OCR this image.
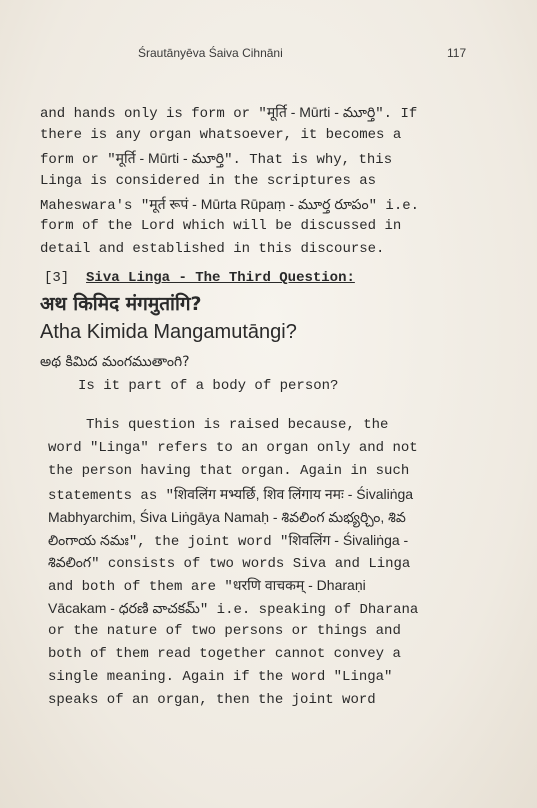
Śrautānyēva Śaiva Cihnāni	117
and hands only is form or "मूर्ति - Mūrti - మూర్తి". If
there is any organ whatsoever, it becomes a
form or "मूर्ति - Mūrti - మూర్తి". That is why, this
Linga is considered in the scriptures as
Maheswara's "मूर्त रूपं - Mūrta Rūpaṃ - మూర్త రూపం" i.e.
form of the Lord which will be discussed in
detail and established in this discourse.
[3] Siva Linga - The Third Question:
अथ किमिद मंगमुतांगि?
Atha Kimida Mangamutāngi?
అథ కిమిద మంగముతాంగి?
Is it part of a body of person?
This question is raised because, the
word "Linga" refers to an organ only and not
the person having that organ. Again in such
statements as "शिवलिंग मभ्यर्छि, शिव लिंगाय नमः - Śivaliṅga
Mabhyarchim, Śiva Liṅgāya Namaḥ - శివలింగ మభ్యర్చిం, శివ
లింగాయ నమః", the joint word "शिवलिंग - Śivaliṅga -
శివలింగ" consists of two words Siva and Linga
and both of them are "धरणि वाचकम् - Dharaṇi
Vācakam - ధరణి వాచకమ్" i.e. speaking of Dharana
or the nature of two persons or things and
both of them read together cannot convey a
single meaning. Again if the word "Linga"
speaks of an organ, then the joint word
